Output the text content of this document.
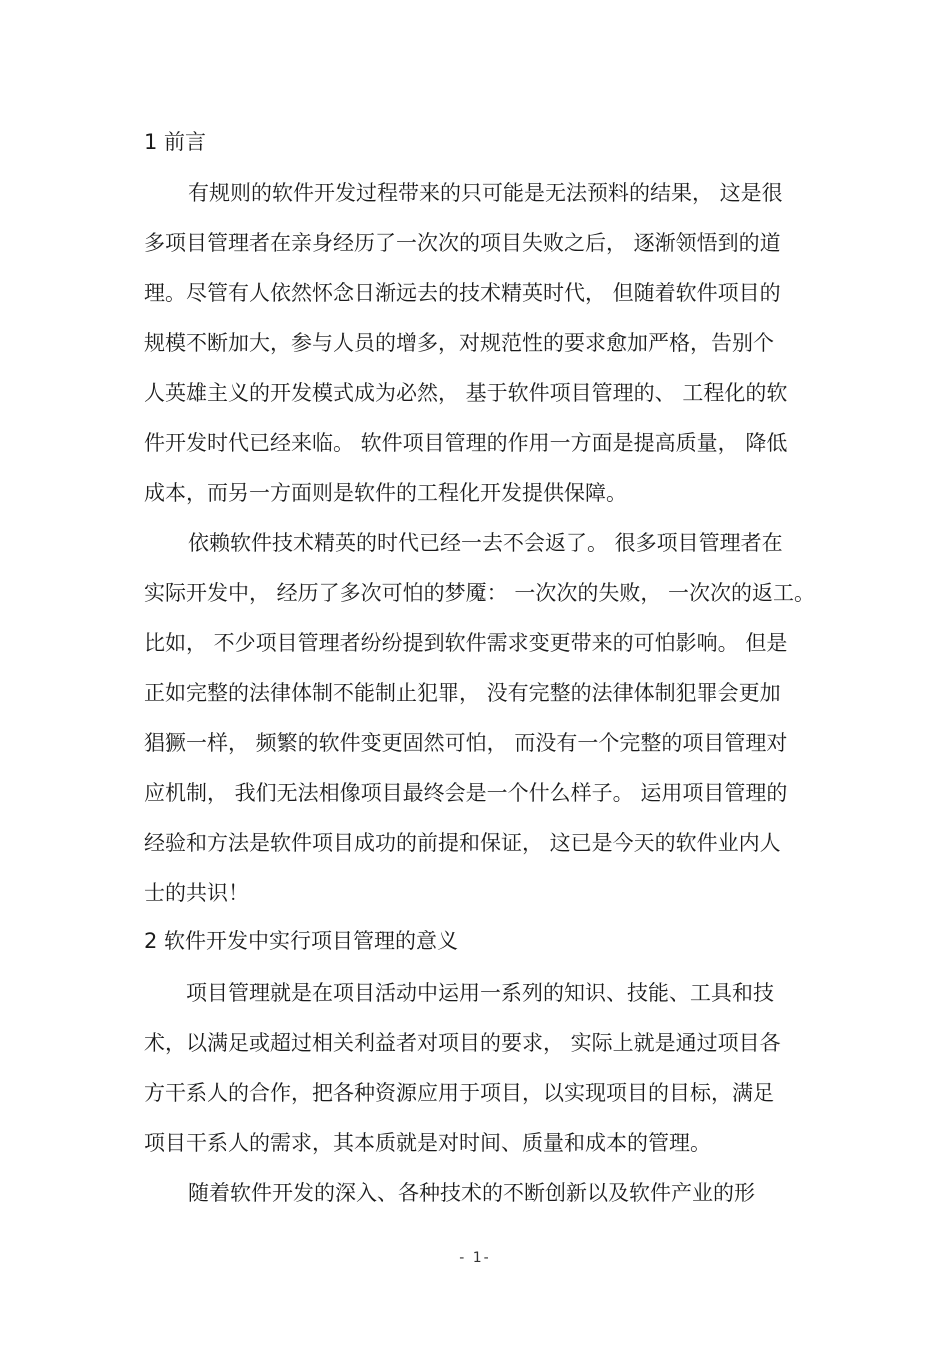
1 前言
有规则的软件开发过程带来的只可能是无法预料的结果， 这是很
多项目管理者在亲身经历了一次次的项目失败之后， 逐渐领悟到的道
理。尽管有人依然怀念日渐远去的技术精英时代， 但随着软件项目的
规模不断加大，参与人员的增多，对规范性的要求愈加严格，告别个
人英雄主义的开发模式成为必然， 基于软件项目管理的、 工程化的软
件开发时代已经来临。 软件项目管理的作用一方面是提高质量， 降低
成本，而另一方面则是软件的工程化开发提供保障。
依赖软件技术精英的时代已经一去不会返了。 很多项目管理者在
实际开发中， 经历了多次可怕的梦魇： 一次次的失败， 一次次的返工。
比如， 不少项目管理者纷纷提到软件需求变更带来的可怕影响。 但是
正如完整的法律体制不能制止犯罪， 没有完整的法律体制犯罪会更加
猖獗一样， 频繁的软件变更固然可怕， 而没有一个完整的项目管理对
应机制， 我们无法相像项目最终会是一个什么样子。 运用项目管理的
经验和方法是软件项目成功的前提和保证， 这已是今天的软件业内人
士的共识！
2 软件开发中实行项目管理的意义
项目管理就是在项目活动中运用一系列的知识、技能、工具和技
术，以满足或超过相关利益者对项目的要求， 实际上就是通过项目各
方干系人的合作，把各种资源应用于项目，以实现项目的目标，满足
项目干系人的需求，其本质就是对时间、质量和成本的管理。
随着软件开发的深入、各种技术的不断创新以及软件产业的形
- 1-
